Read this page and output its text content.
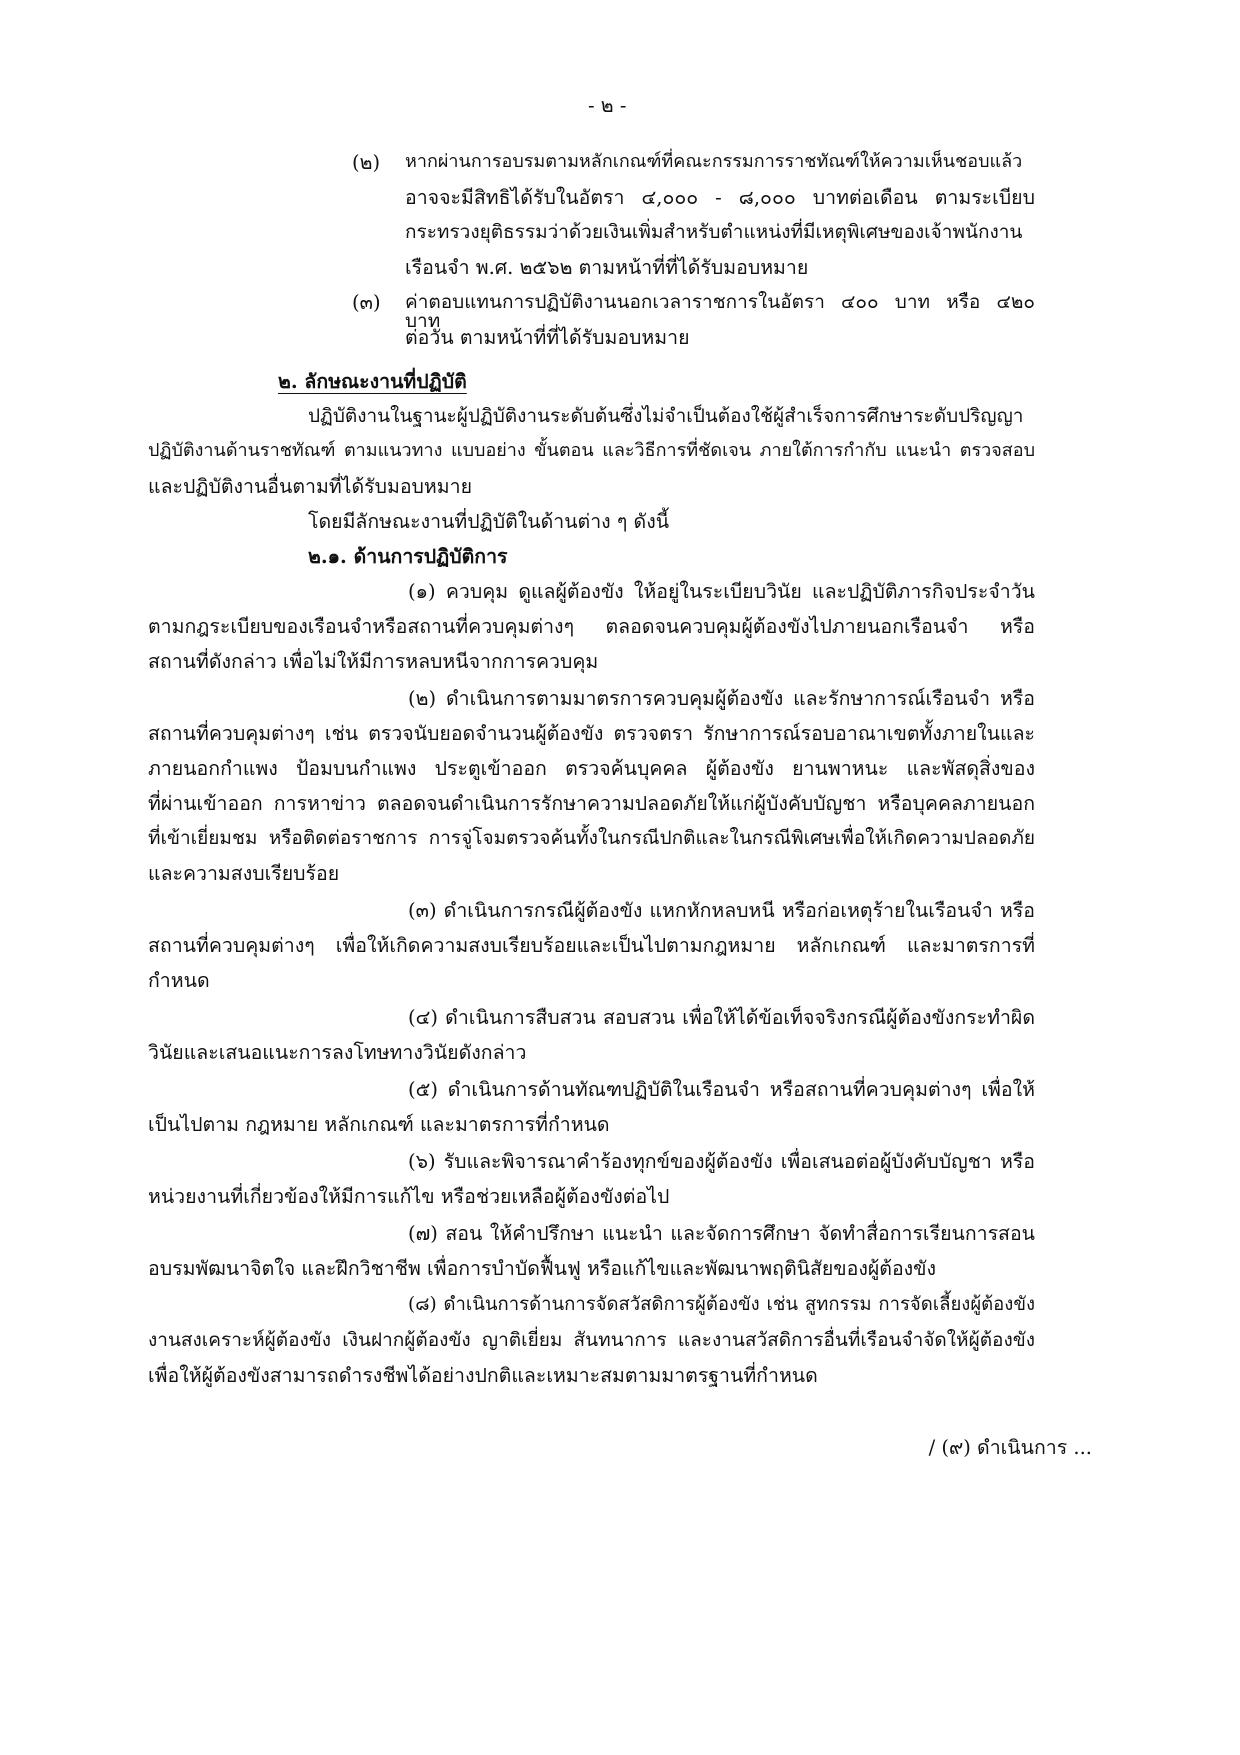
- ๒ -
(๒) หากผ่านการอบรมตามหลักเกณฑ์ที่คณะกรรมการราชทัณฑ์ให้ความเห็นชอบแล้ว
อาจจะมีสิทธิได้รับในอัตรา ๔,๐๐๐ - ๘,๐๐๐ บาทต่อเดือน ตามระเบียบ
กระทรวงยุติธรรมว่าด้วยเงินเพิ่มสำหรับตำแหน่งที่มีเหตุพิเศษของเจ้าพนักงาน
เรือนจำ พ.ศ. ๒๕๖๒ ตามหน้าที่ที่ได้รับมอบหมาย
(๓) ค่าตอบแทนการปฏิบัติงานนอกเวลาราชการในอัตรา ๔๐๐ บาท หรือ ๔๒๐ บาท
ต่อวัน ตามหน้าที่ที่ได้รับมอบหมาย
๒. ลักษณะงานที่ปฏิบัติ
ปฏิบัติงานในฐานะผู้ปฏิบัติงานระดับต้นซึ่งไม่จำเป็นต้องใช้ผู้สำเร็จการศึกษาระดับปริญญา
ปฏิบัติงานด้านราชทัณฑ์ ตามแนวทาง แบบอย่าง ขั้นตอน และวิธีการที่ชัดเจน ภายใต้การกำกับ แนะนำ ตรวจสอบ
และปฏิบัติงานอื่นตามที่ได้รับมอบหมาย
โดยมีลักษณะงานที่ปฏิบัติในด้านต่าง ๆ ดังนี้
๒.๑. ด้านการปฏิบัติการ
(๑) ควบคุม ดูแลผู้ต้องขัง ให้อยู่ในระเบียบวินัย และปฏิบัติภารกิจประจำวัน
ตามกฎระเบียบของเรือนจำหรือสถานที่ควบคุมต่างๆ ตลอดจนควบคุมผู้ต้องขังไปภายนอกเรือนจำ หรือ
สถานที่ดังกล่าว เพื่อไม่ให้มีการหลบหนีจากการควบคุม
(๒) ดำเนินการตามมาตรการควบคุมผู้ต้องขัง และรักษาการณ์เรือนจำ หรือ
สถานที่ควบคุมต่างๆ เช่น ตรวจนับยอดจำนวนผู้ต้องขัง ตรวจตรา รักษาการณ์รอบอาณาเขตทั้งภายในและ
ภายนอกกำแพง ป้อมบนกำแพง ประตูเข้าออก ตรวจค้นบุคคล ผู้ต้องขัง ยานพาหนะ และพัสดุสิ่งของ
ที่ผ่านเข้าออก การหาข่าว ตลอดจนดำเนินการรักษาความปลอดภัยให้แก่ผู้บังคับบัญชา หรือบุคคลภายนอก
ที่เข้าเยี่ยมชม หรือติดต่อราชการ การจู่โจมตรวจค้นทั้งในกรณีปกติและในกรณีพิเศษเพื่อให้เกิดความปลอดภัย
และความสงบเรียบร้อย
(๓) ดำเนินการกรณีผู้ต้องขัง แหกหักหลบหนี หรือก่อเหตุร้ายในเรือนจำ หรือ
สถานที่ควบคุมต่างๆ เพื่อให้เกิดความสงบเรียบร้อยและเป็นไปตามกฎหมาย หลักเกณฑ์ และมาตรการที่
กำหนด
(๔) ดำเนินการสืบสวน สอบสวน เพื่อให้ได้ข้อเท็จจริงกรณีผู้ต้องขังกระทำผิด
วินัยและเสนอแนะการลงโทษทางวินัยดังกล่าว
(๕) ดำเนินการด้านทัณฑปฏิบัติในเรือนจำ หรือสถานที่ควบคุมต่างๆ เพื่อให้
เป็นไปตาม กฎหมาย หลักเกณฑ์ และมาตรการที่กำหนด
(๖) รับและพิจารณาคำร้องทุกข์ของผู้ต้องขัง เพื่อเสนอต่อผู้บังคับบัญชา หรือ
หน่วยงานที่เกี่ยวข้องให้มีการแก้ไข หรือช่วยเหลือผู้ต้องขังต่อไป
(๗) สอน ให้คำปรึกษา แนะนำ และจัดการศึกษา จัดทำสื่อการเรียนการสอน
อบรมพัฒนาจิตใจ และฝึกวิชาชีพ เพื่อการบำบัดฟื้นฟู หรือแก้ไขและพัฒนาพฤตินิสัยของผู้ต้องขัง
(๘) ดำเนินการด้านการจัดสวัสดิการผู้ต้องขัง เช่น สูทกรรม การจัดเลี้ยงผู้ต้องขัง
งานสงเคราะห์ผู้ต้องขัง เงินฝากผู้ต้องขัง ญาติเยี่ยม สันทนาการ และงานสวัสดิการอื่นที่เรือนจำจัดให้ผู้ต้องขัง
เพื่อให้ผู้ต้องขังสามารถดำรงชีพได้อย่างปกติและเหมาะสมตามมาตรฐานที่กำหนด
/ (๙) ดำเนินการ ...
